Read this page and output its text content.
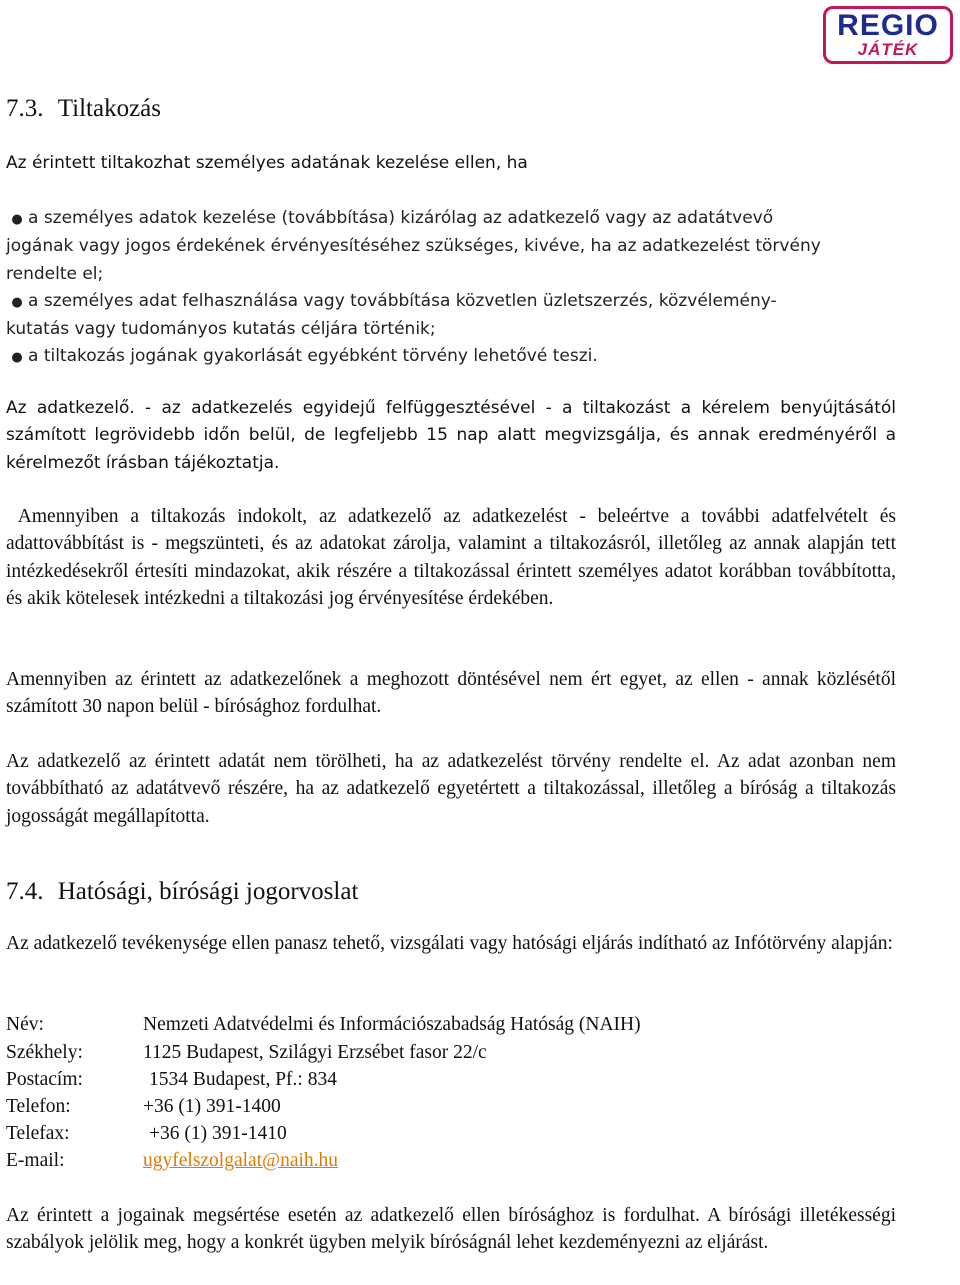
REGIO
JÁTÉK
7.3. Tiltakozás

Az érintett tiltakozhat személyes adatának kezelése ellen, ha

● a személyes adatok kezelése (továbbítása) kizárólag az adatkezelő vagy az adatátvevő
jogának vagy jogos érdekének érvényesítéséhez szükséges, kivéve, ha az adatkezelést törvény rendelte el;
● a személyes adat felhasználása vagy továbbítása közvetlen üzletszerzés, közvélemény-
kutatás vagy tudományos kutatás céljára történik;
● a tiltakozás jogának gyakorlását egyébként törvény lehetővé teszi.

Az adatkezelő. - az adatkezelés egyidejű felfüggesztésével - a tiltakozást a kérelem benyújtásától számított legrövidebb időn belül, de legfeljebb 15 nap alatt megvizsgálja, és annak eredményéről a kérelmezőt írásban tájékoztatja.

Amennyiben a tiltakozás indokolt, az adatkezelő az adatkezelést - beleértve a további adatfelvételt és adattovábbítást is - megszünteti, és az adatokat zárolja, valamint a tiltakozásról, illetőleg az annak alapján tett intézkedésekről értesíti mindazokat, akik részére a tiltakozással érintett személyes adatot korábban továbbította, és akik kötelesek intézkedni a tiltakozási jog érvényesítése érdekében.

Amennyiben az érintett az adatkezelőnek a meghozott döntésével nem ért egyet, az ellen - annak közlésétől számított 30 napon belül - bírósághoz fordulhat.

Az adatkezelő az érintett adatát nem törölheti, ha az adatkezelést törvény rendelte el. Az adat azonban nem továbbítható az adatátvevő részére, ha az adatkezelő egyetértett a tiltakozással, illetőleg a bíróság a tiltakozás jogosságát megállapította.

7.4. Hatósági, bírósági jogorvoslat

Az adatkezelő tevékenysége ellen panasz tehető, vizsgálati vagy hatósági eljárás indítható az Infótörvény alapján:

Név:	Nemzeti Adatvédelmi és Információszabadság Hatóság (NAIH)
Székhely:	1125 Budapest, Szilágyi Erzsébet fasor 22/c
Postacím:	1534 Budapest, Pf.: 834
Telefon:	+36 (1) 391-1400
Telefax:	+36 (1) 391-1410
E-mail:	ugyfelszolgalat@naih.hu

Az érintett a jogainak megsértése esetén az adatkezelő ellen bírósághoz is fordulhat. A bírósági illetékességi szabályok jelölik meg, hogy a konkrét ügyben melyik bíróságnál lehet kezdeményezni az eljárást.
